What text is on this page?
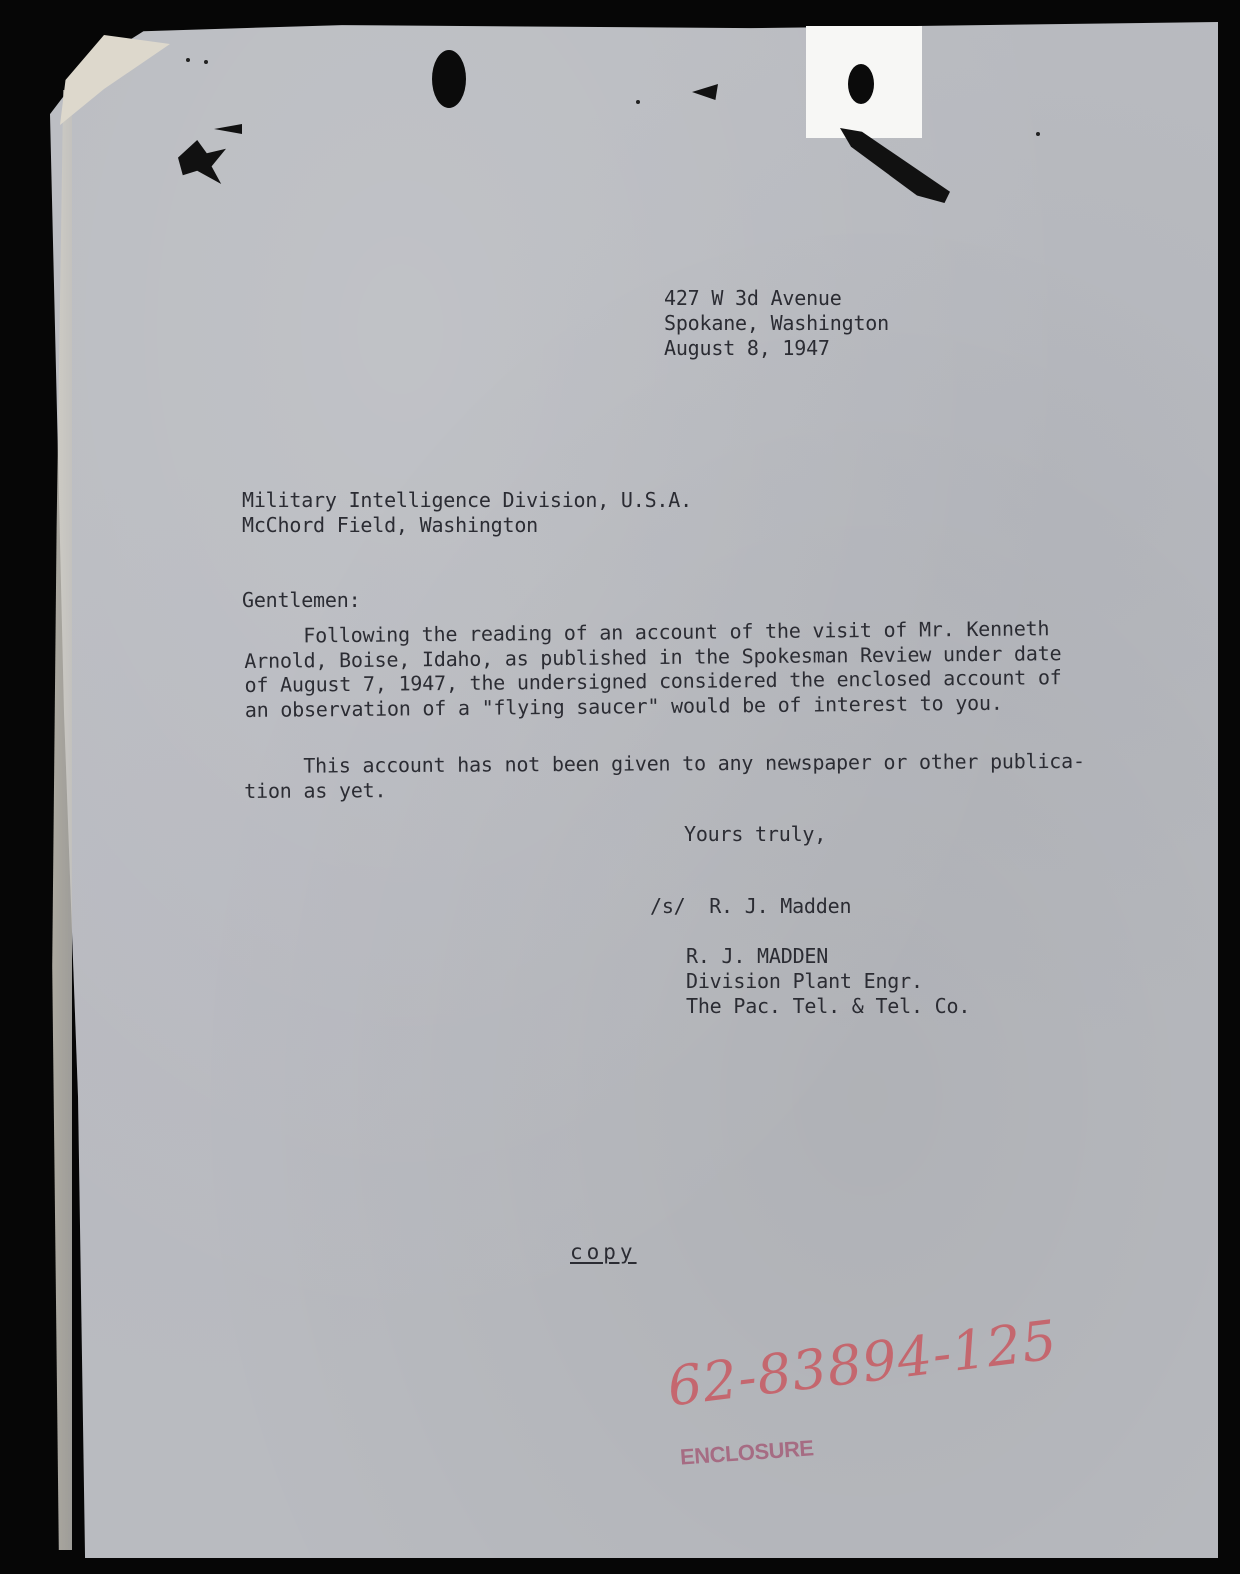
427 W 3d Avenue
Spokane, Washington
August 8, 1947
Military Intelligence Division, U.S.A.
McChord Field, Washington
Gentlemen:
Following the reading of an account of the visit of Mr. Kenneth
Arnold, Boise, Idaho, as published in the Spokesman Review under date
of August 7, 1947, the undersigned considered the enclosed account of
an observation of a "flying saucer" would be of interest to you.
This account has not been given to any newspaper or other publica-
tion as yet.
Yours truly,
/s/  R. J. Madden
R. J. MADDEN
Division Plant Engr.
The Pac. Tel. & Tel. Co.
copy
62-83894-125
ENCLOSURE
